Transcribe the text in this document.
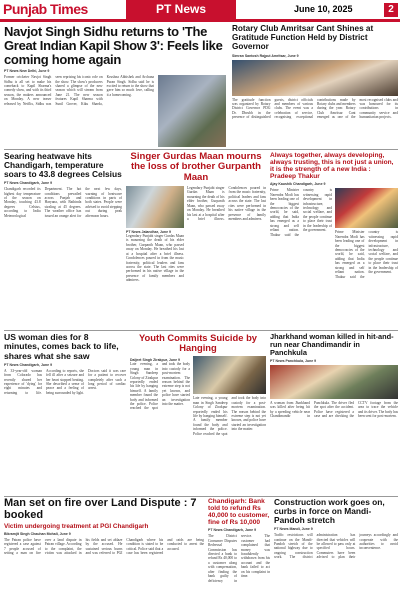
Punjab Times	PT News	June 10, 2025	2
Navjot Singh Sidhu returns to 'The Great Indian Kapil Show 3': Feels like coming home again
PT News New Delhi, June 9
Former cricketer Navjot Singh Sidhu is all set to make his comeback to Kapil Sharma's comedy show, and with its third season, the makers announced on Monday. A new teaser released by Netflix, Sidhu was seen reprising his iconic role on the show. The show's producers shared a glimpse of the new season which will stream from June 21. The new season features Kapil Sharma with Sunil Grover, Kiku Sharda, Krushna Abhishek and Archana Puran Singh. Sidhu said he is excited to return to the show that gave him so much love, calling it a homecoming.
Rotary Club Amritsar Cant Shines at Gratitude Function Held by District Governor
Simran Santosh Rajput Amritsar, June 9
The gratitude function was organized by Rotary District Governor PDG Dr. Dhrubh in the presence of distinguished guests, district officials and members of various clubs. The event was a celebration of service, recognising exceptional contributions made by Rotary clubs and members during the year. Rotary Club Amritsar Cant emerged as one of the most recognised clubs and was honoured for its contributions in community service and humanitarian projects.
Searing heatwave hits Chandigarh, temperature soars to 43.8 degrees Celsius
PT News Chandigarh, June 9
Chandigarh recorded its highest day temperature of the season on Monday, touching 43.8 degrees Celsius, according to India Meteorological Department. The hot conditions prevailed across Punjab and Haryana, with Bathinda sizzling at 45 degrees. The weather office has issued an orange alert for the next few days, warning of heatwave conditions in parts of both states. People were advised to avoid stepping out during peak afternoon hours.
Singer Gurdas Maan mourns the loss of brother Gurpanth Maan
PT News Jalandhar, June 9
Legendary Punjabi singer Gurdas Maan is mourning the death of his elder brother, Gurpanth Maan, who passed away on Monday. He breathed his last at a hospital after a brief illness. Condolences poured in from the music fraternity, political leaders and fans across the state. The last rites were performed in his native village in the presence of family members and admirers.
Legendary Punjabi singer Gurdas Maan is mourning the death of his elder brother, Gurpanth Maan, who passed away on Monday. He breathed his last at a hospital after a brief illness. Condolences poured in from the music fraternity, political leaders and fans across the state. The last rites were performed in his native village in the presence of family members and admirers.
Always together, always developing, always trusting, this is not just a union, it is the strength of a new India : Pradeep Thakur
Ajay Kaushik Chandigarh, June 9
Prime Minister Narendra Modi has been leading one of the biggest democracies of the world, he said, adding that India has emerged as a strong and self reliant nation. Thakur said the country is witnessing rapid development in infrastructure, technology and social welfare, and the people continue to place their trust in the leadership of the government.
Prime Minister Narendra Modi has been leading one of the biggest democracies of the world, he said, adding that India has emerged as a strong and self reliant nation. Thakur said the country is witnessing rapid development in infrastructure, technology and social welfare, and the people continue to place their trust in the leadership of the government.
US woman dies for 8 minutes, comes back to life, shares what she saw
PT News Chandigarh, June 9
A 33-year-old woman from Colorado has recently shared her experience of 'dying' for eight minutes and returning to life. According to reports, she fell ill after a seizure and her heart stopped beating. She described a sense of peace and a feeling of being surrounded by light. Doctors said it was rare for a patient to recover completely after such a long period of cardiac arrest.
Youth Commits Suicide by Hanging
Daljeet Singh Zirakpur, June 9
Late evening, a young man in Singh Sandeep Colony of Zirakpur reportedly ended his life by hanging himself. A family member found the body and informed the police. Police reached the spot and took the body into custody for a post-mortem examination. The reason behind the extreme step is not yet known, and police have started an investigation into the matter.
Late evening, a young man in Singh Sandeep Colony of Zirakpur reportedly ended his life by hanging himself. A family member found the body and informed the police. Police reached the spot and took the body into custody for a post-mortem examination. The reason behind the extreme step is not yet known, and police have started an investigation into the matter.
Jharkhand woman killed in hit-and-run near Chandimandir in Panchkula
PT News Panchkula, June 9
A woman from Jharkhand was killed after being hit by a speeding vehicle near Chandimandir in Panchkula. The driver fled the spot after the accident. Police have registered a case and are checking the CCTV footage from the area to trace the vehicle and its driver. The body has been sent for post-mortem.
Man set on fire over Land Dispute : 7 booked
Victim undergoing treatment at PGI Chandigarh
Bikramjit Singh Chauhan Mohali, June 9
The Patran police have registered a case against 7 people accused of setting a man on fire over a land dispute in Patran village. According to the complaint, the victim was attacked in his fields and set ablaze by the accused. He sustained serious burns and was referred to PGI Chandigarh where his condition is stated to be critical. Police said that a case has been registered and raids are being conducted to arrest the accused.
Chandigarh: Bank told to refund Rs 40,000 to customer, fine of Rs 10,000
PT News Chandigarh, June 9
The District Consumer Disputes Redressal Commission has directed a bank to refund Rs 40,000 to a customer along with compensation, after finding the bank guilty of deficiency in service. The customer had complained that money was fraudulently withdrawn from his account and the bank failed to act on his complaint in time.
Construction work goes on, curbs in force on Mandi-Pandoh stretch
PT News Mandi, June 9
Traffic restrictions will continue on the Mandi-Pandoh stretch of the national highway due to ongoing construction work. The district administration has directed that vehicles will be allowed to pass only at specified hours. Commuters have been advised to plan their journeys accordingly and cooperate with the authorities to avoid inconvenience.
